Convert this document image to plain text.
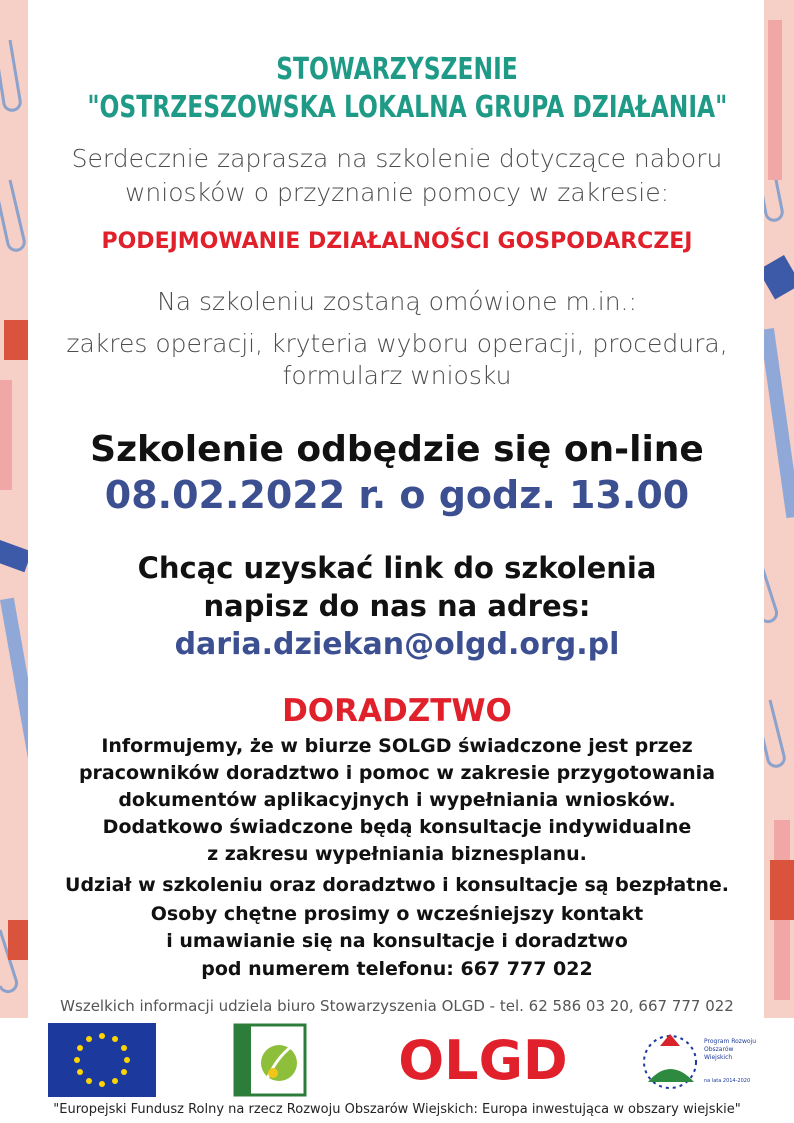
STOWARZYSZENIE
"OSTRZESZOWSKA LOKALNA GRUPA DZIAŁANIA"
Serdecznie zaprasza na szkolenie dotyczące naboru
wniosków o przyznanie pomocy w zakresie:
PODEJMOWANIE DZIAŁALNOŚCI GOSPODARCZEJ
Na szkoleniu zostaną omówione m.in.:
zakres operacji, kryteria wyboru operacji, procedura,
formularz wniosku
Szkolenie odbędzie się on-line
08.02.2022 r. o godz. 13.00
Chcąc uzyskać link do szkolenia
napisz do nas na adres:
daria.dziekan@olgd.org.pl
DORADZTWO
Informujemy, że w biurze SOLGD świadczone jest przez
pracowników doradztwo i pomoc w zakresie przygotowania
dokumentów aplikacyjnych i wypełniania wniosków.
Dodatkowo świadczone będą konsultacje indywidualne
z zakresu wypełniania biznesplanu.
Udział w szkoleniu oraz doradztwo i konsultacje są bezpłatne.
Osoby chętne prosimy o wcześniejszy kontakt
i umawianie się na konsultacje i doradztwo
pod numerem telefonu: 667 777 022
Wszelkich informacji udziela biuro Stowarzyszenia OLGD - tel. 62 586 03 20, 667 777 022
OLGD	Program Rozwoju Obszarów Wiejskich
na lata 2014-2020
"Europejski Fundusz Rolny na rzecz Rozwoju Obszarów Wiejskich: Europa inwestująca w obszary wiejskie"
